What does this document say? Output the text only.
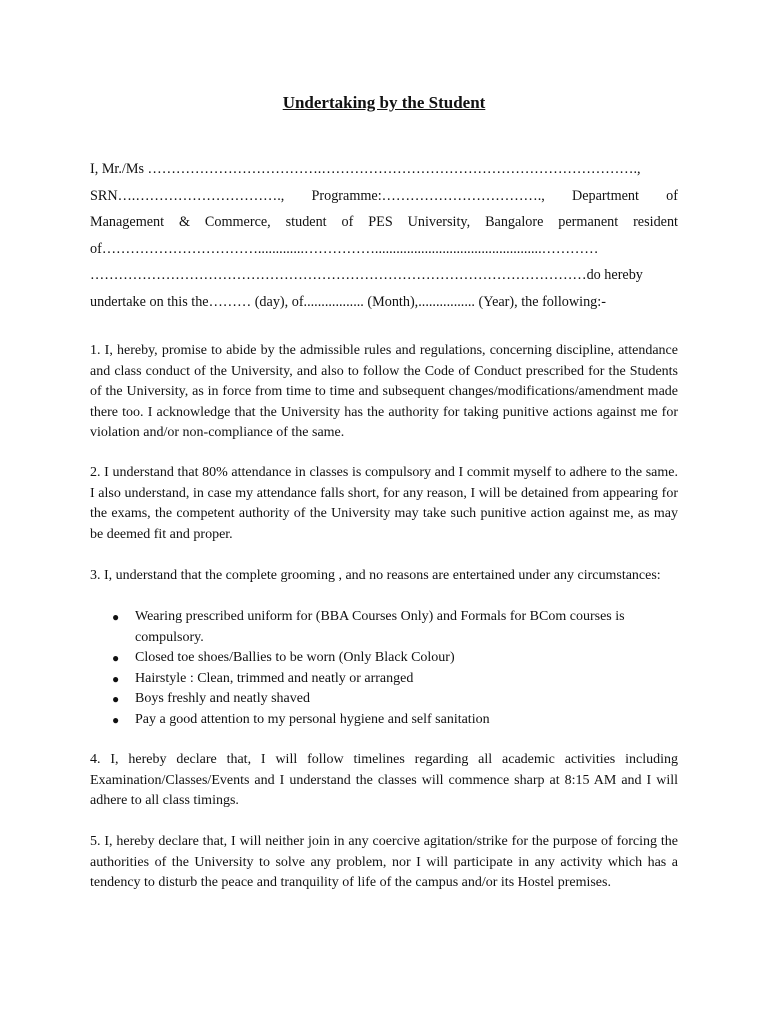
Undertaking by the Student
I, Mr./Ms ……………………………….………………………………………………………….,
SRN….…………………………., Programme:……………………………., Department of
Management & Commerce, student of PES University, Bangalore permanent resident
of…………………………….............……………...............................................…………
……………………………………………………………………………………………do hereby
undertake on this the……… (day), of................. (Month),................ (Year), the following:-

1. I, hereby, promise to abide by the admissible rules and regulations, concerning discipline, attendance and class conduct of the University, and also to follow the Code of Conduct prescribed for the Students of the University, as in force from time to time and subsequent changes/modifications/amendment made there too. I acknowledge that the University has the authority for taking punitive actions against me for violation and/or non-compliance of the same.

2. I understand that 80% attendance in classes is compulsory and I commit myself to adhere to the same. I also understand, in case my attendance falls short, for any reason, I will be detained from appearing for the exams, the competent authority of the University may take such punitive action against me, as may be deemed fit and proper.

3. I, understand that the complete grooming , and no reasons are entertained under any circumstances:

● Wearing prescribed uniform for (BBA Courses Only) and Formals for BCom courses is compulsory.
● Closed toe shoes/Ballies to be worn (Only Black Colour)
● Hairstyle : Clean, trimmed and neatly or arranged
● Boys freshly and neatly shaved
● Pay a good attention to my personal hygiene and self sanitation

4. I, hereby declare that, I will follow timelines regarding all academic activities including Examination/Classes/Events and I understand the classes will commence sharp at 8:15 AM and I will adhere to all class timings.

5. I, hereby declare that, I will neither join in any coercive agitation/strike for the purpose of forcing the authorities of the University to solve any problem, nor I will participate in any activity which has a tendency to disturb the peace and tranquility of life of the campus and/or its Hostel premises.
